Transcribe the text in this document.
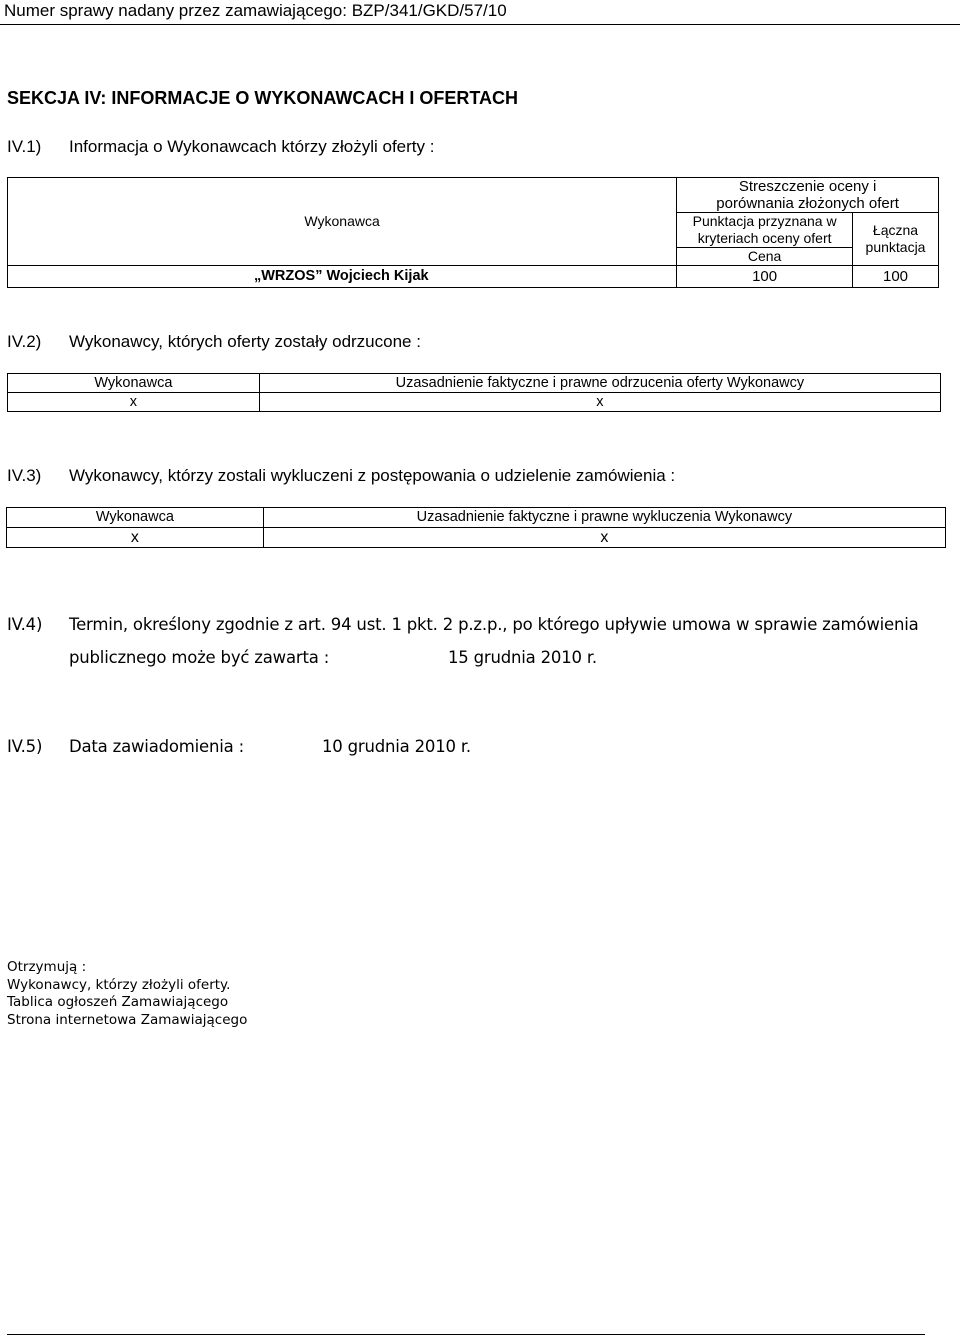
Numer sprawy nadany przez zamawiającego: BZP/341/GKD/57/10
SEKCJA IV: INFORMACJE O WYKONAWCACH I OFERTACH
IV.1) Informacja o Wykonawcach którzy złożyli oferty :
Wykonawca	Streszczenie oceny i porównania złożonych ofert	
	Punktacja przyznana w kryteriach oceny ofert	Łączna punktacja
	Cena	
„WRZOS” Wojciech Kijak	100	100
IV.2) Wykonawcy, których oferty zostały odrzucone :
Wykonawca	Uzasadnienie faktyczne i prawne odrzucenia oferty Wykonawcy
x	x
IV.3) Wykonawcy, którzy zostali wykluczeni z postępowania o udzielenie zamówienia :
Wykonawca	Uzasadnienie faktyczne i prawne wykluczenia Wykonawcy
x	x
IV.4) Termin, określony zgodnie z art. 94 ust. 1 pkt. 2 p.z.p., po którego upływie umowa w sprawie zamówienia
publicznego może być zawarta :	15 grudnia 2010 r.
IV.5) Data zawiadomienia :	10 grudnia 2010 r.
Otrzymują :
Wykonawcy, którzy złożyli oferty.
Tablica ogłoszeń Zamawiającego
Strona internetowa Zamawiającego
